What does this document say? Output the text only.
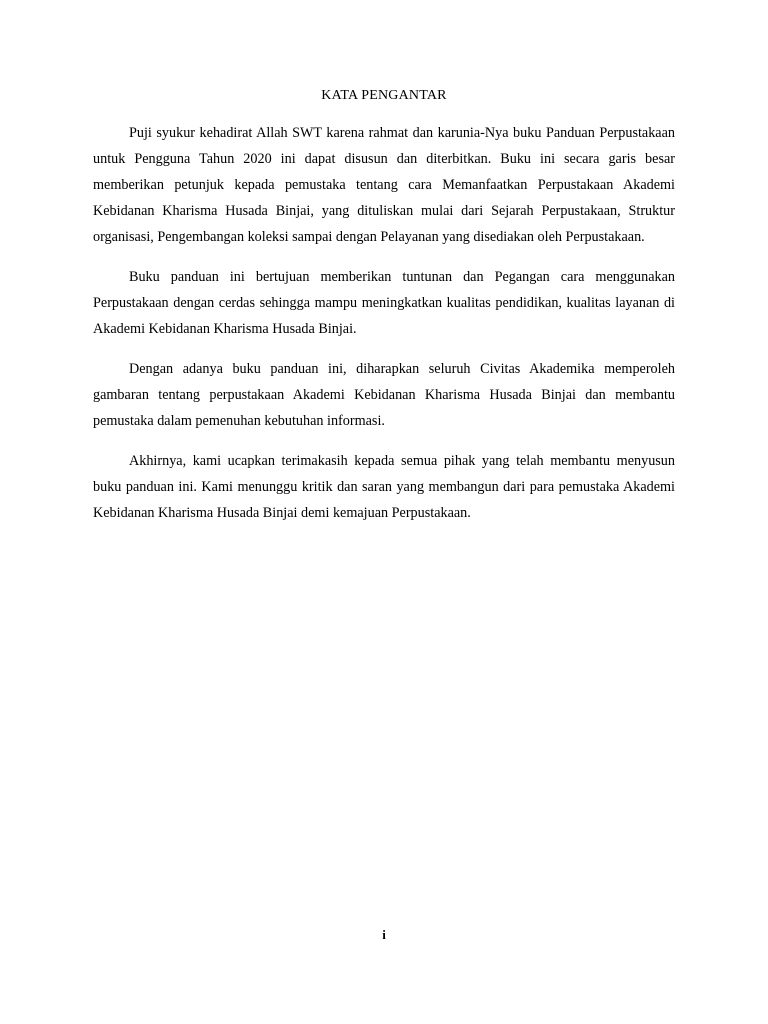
KATA PENGANTAR

Puji syukur kehadirat Allah SWT karena rahmat dan karunia-Nya buku Panduan Perpustakaan untuk Pengguna Tahun 2020 ini dapat disusun dan diterbitkan. Buku ini secara garis besar memberikan petunjuk kepada pemustaka tentang cara Memanfaatkan Perpustakaan Akademi Kebidanan Kharisma Husada Binjai, yang dituliskan mulai dari Sejarah Perpustakaan, Struktur organisasi, Pengembangan koleksi sampai dengan Pelayanan yang disediakan oleh Perpustakaan.

Buku panduan ini bertujuan memberikan tuntunan dan Pegangan cara menggunakan Perpustakaan dengan cerdas sehingga mampu meningkatkan kualitas pendidikan, kualitas layanan di Akademi Kebidanan Kharisma Husada Binjai.

Dengan adanya buku panduan ini, diharapkan seluruh Civitas Akademika memperoleh gambaran tentang perpustakaan Akademi Kebidanan Kharisma Husada Binjai dan membantu pemustaka dalam pemenuhan kebutuhan informasi.

Akhirnya, kami ucapkan terimakasih kepada semua pihak yang telah membantu menyusun buku panduan ini. Kami menunggu kritik dan saran yang membangun dari para pemustaka Akademi Kebidanan Kharisma Husada Binjai demi kemajuan Perpustakaan.

i
